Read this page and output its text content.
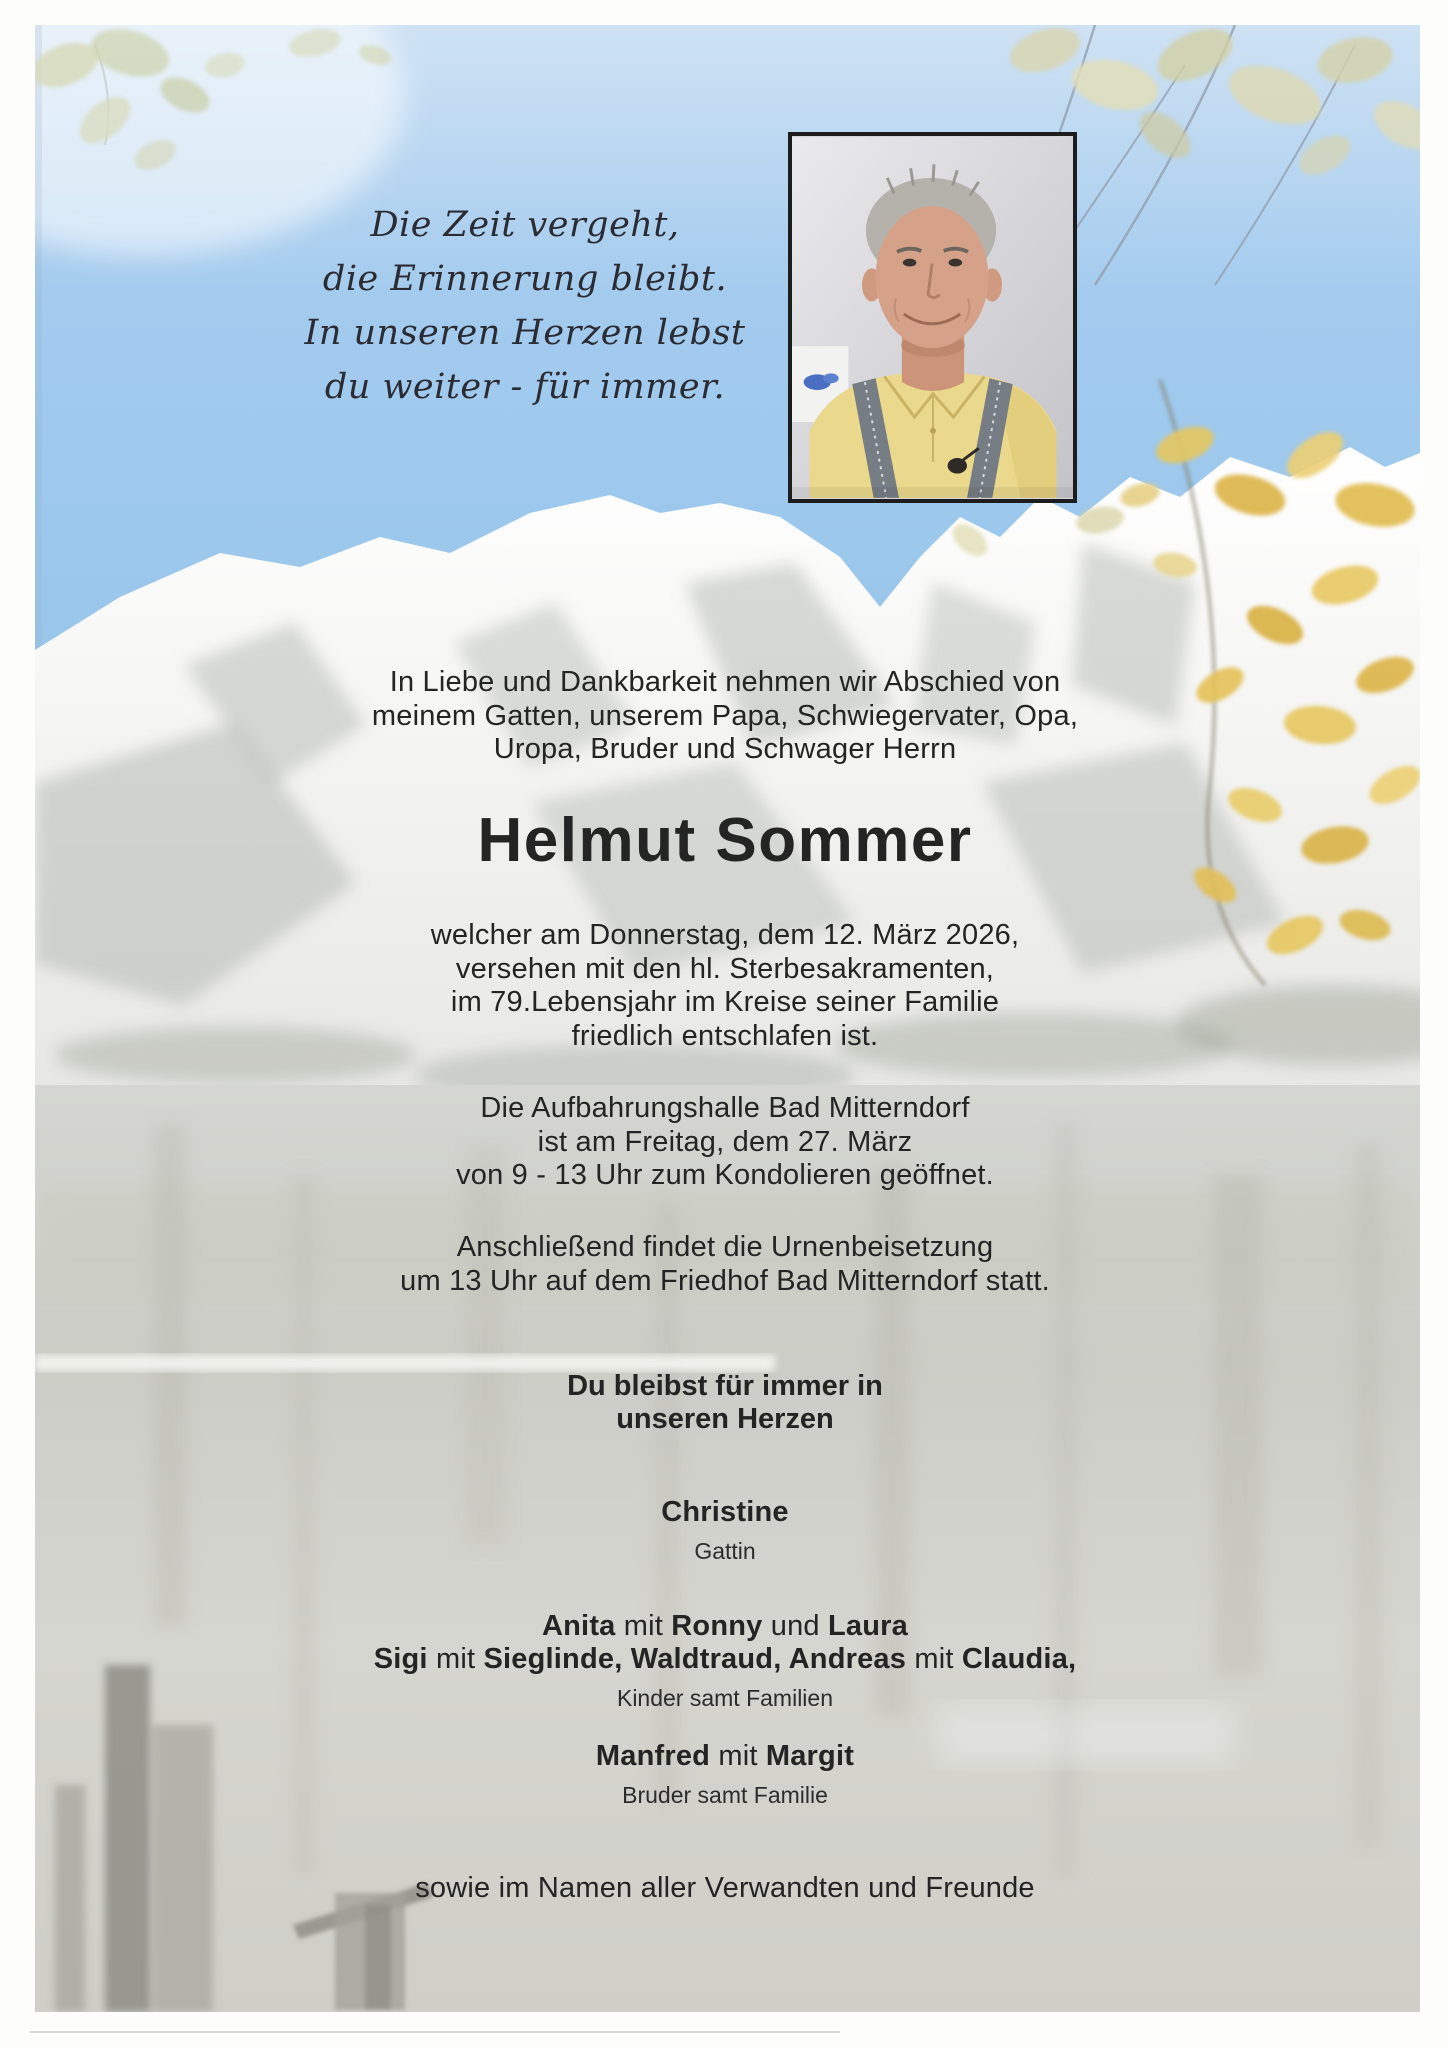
Die Zeit vergeht,
die Erinnerung bleibt.
In unseren Herzen lebst
du weiter - für immer.
In Liebe und Dankbarkeit nehmen wir Abschied von
meinem Gatten, unserem Papa, Schwiegervater, Opa,
Uropa, Bruder und Schwager Herrn
Helmut Sommer
welcher am Donnerstag, dem 12. März 2026,
versehen mit den hl. Sterbesakramenten,
im 79.Lebensjahr im Kreise seiner Familie
friedlich entschlafen ist.
Die Aufbahrungshalle Bad Mitterndorf
ist am Freitag, dem 27. März
von 9 - 13 Uhr zum Kondolieren geöffnet.
Anschließend findet die Urnenbeisetzung
um 13 Uhr auf dem Friedhof Bad Mitterndorf statt.
Du bleibst für immer in
unseren Herzen
Christine
Gattin
Anita mit Ronny und Laura
Sigi mit Sieglinde, Waldtraud, Andreas mit Claudia,
Kinder samt Familien
Manfred mit Margit
Bruder samt Familie
sowie im Namen aller Verwandten und Freunde
